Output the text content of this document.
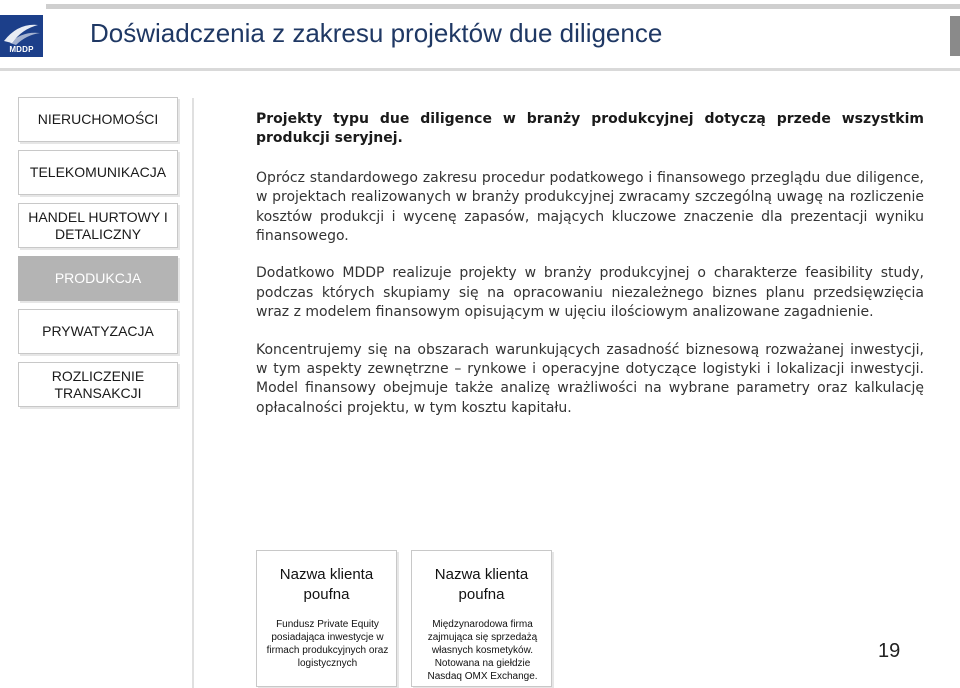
MDDP
Doświadczenia z zakresu projektów due diligence
NIERUCHOMOŚCI
TELEKOMUNIKACJA
HANDEL HURTOWY I DETALICZNY
PRODUKCJA
PRYWATYZACJA
ROZLICZENIE TRANSAKCJI

Projekty typu due diligence w branży produkcyjnej dotyczą przede wszystkim produkcji seryjnej.

Oprócz standardowego zakresu procedur podatkowego i finansowego przeglądu due diligence, w projektach realizowanych w branży produkcyjnej zwracamy szczególną uwagę na rozliczenie kosztów produkcji i wycenę zapasów, mających kluczowe znaczenie dla prezentacji wyniku finansowego.

Dodatkowo MDDP realizuje projekty w branży produkcyjnej o charakterze feasibility study, podczas których skupiamy się na opracowaniu niezależnego biznes planu przedsięwzięcia wraz z modelem finansowym opisującym w ujęciu ilościowym analizowane zagadnienie.

Koncentrujemy się na obszarach warunkujących zasadność biznesową rozważanej inwestycji, w tym aspekty zewnętrzne – rynkowe i operacyjne dotyczące logistyki i lokalizacji inwestycji. Model finansowy obejmuje także analizę wrażliwości na wybrane parametry oraz kalkulację opłacalności projektu, w tym kosztu kapitału.

Nazwa klienta poufna
Fundusz Private Equity posiadająca inwestycje w firmach produkcyjnych oraz logistycznych
Nazwa klienta poufna
Międzynarodowa firma zajmująca się sprzedażą własnych kosmetyków. Notowana na giełdzie Nasdaq OMX Exchange.
19
